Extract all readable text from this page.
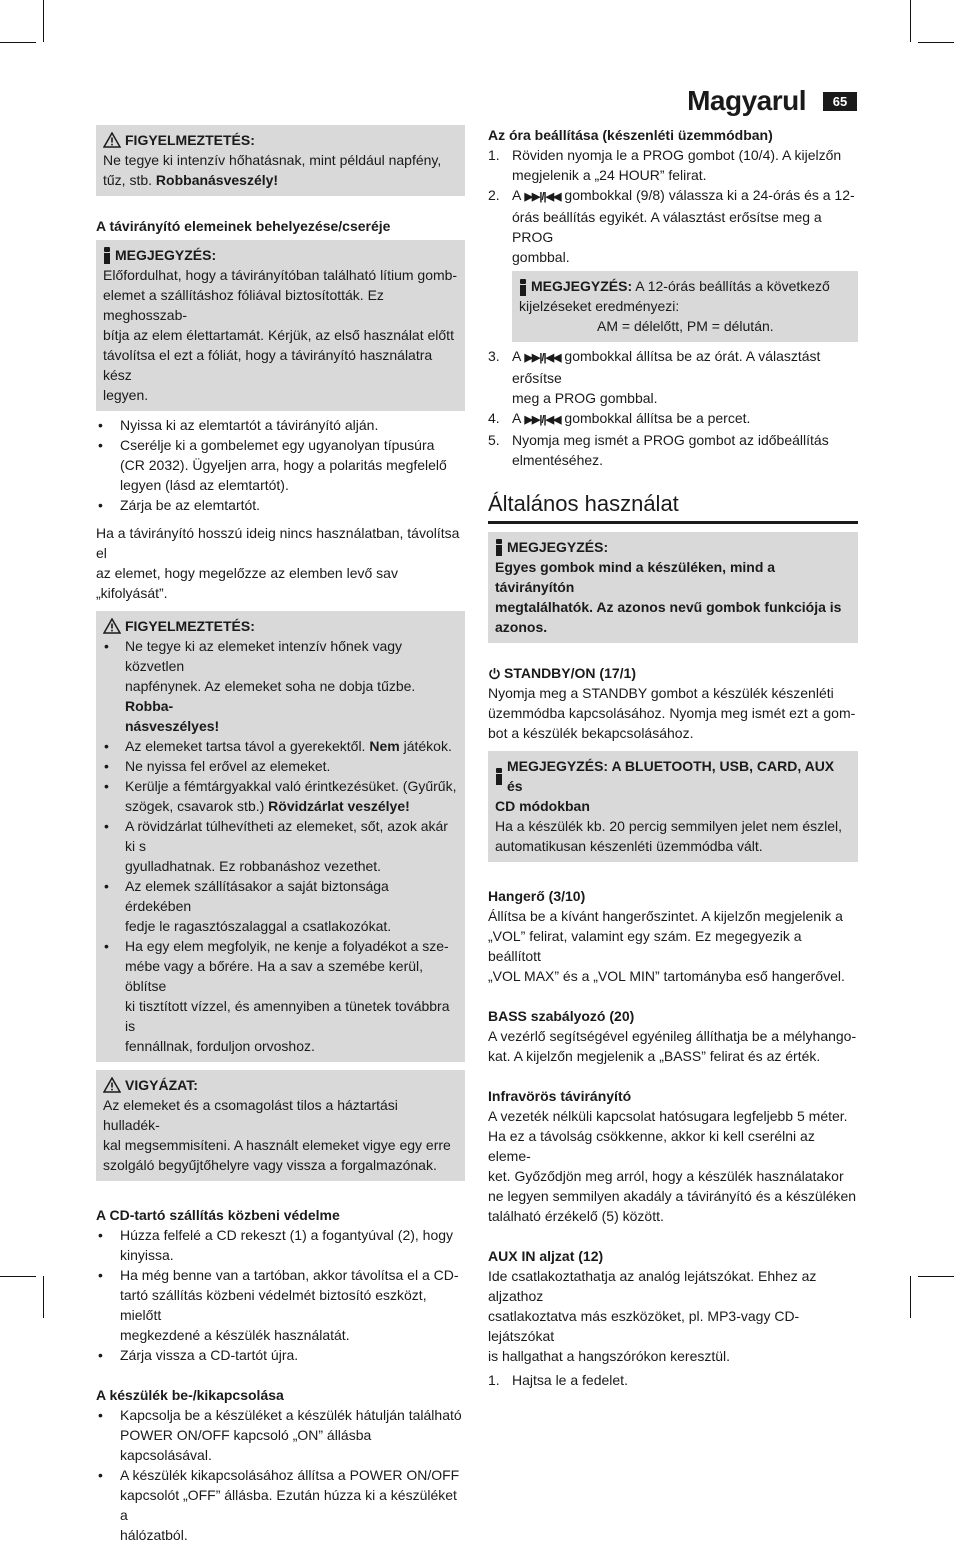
Magyarul	65
FIGYELMEZTETÉS:

Ne tegye ki intenzív hőhatásnak, mint például napfény, tűz, stb. Robbanásveszély!

A távirányító elemeinek behelyezése/cseréje
MEGJEGYZÉS:

Előfordulhat, hogy a távirányítóban található lítium gomb-

elemet a szállításhoz fóliával biztosították. Ez meghosszab-

bítja az elem élettartamát. Kérjük, az első használat előtt

távolítsa el ezt a fóliát, hogy a távirányító használatra kész

legyen.

• Nyissa ki az elemtartót a távirányító alján.
• Cserélje ki a gombelemet egy ugyanolyan típusúra
(CR 2032). Ügyeljen arra, hogy a polaritás megfelelő
legyen (lásd az elemtartót).
• Zárja be az elemtartót.

Ha a távirányító hosszú ideig nincs használatban, távolítsa el
az elemet, hogy megelőzze az elemben levő sav „kifolyását”.

FIGYELMEZTETÉS:
• Ne tegye ki az elemeket intenzív hőnek vagy közvetlen
napfénynek. Az elemeket soha ne dobja tűzbe. Robba-
násveszélyes!
• Az elemeket tartsa távol a gyerekektől. Nem játékok.
• Ne nyissa fel erővel az elemeket.
• Kerülje a fémtárgyakkal való érintkezésüket. (Gyűrűk,
szögek, csavarok stb.) Rövidzárlat veszélye!
• A rövidzárlat túlhevítheti az elemeket, sőt, azok akár ki s
gyulladhatnak. Ez robbanáshoz vezethet.
• Az elemek szállításakor a saját biztonsága érdekében
fedje le ragasztószalaggal a csatlakozókat.
• Ha egy elem megfolyik, ne kenje a folyadékot a sze-
mébe vagy a bőrére. Ha a sav a szemébe kerül, öblítse
ki tisztított vízzel, és amennyiben a tünetek továbbra is
fennállnak, forduljon orvoshoz.
VIGYÁZAT:

Az elemeket és a csomagolást tilos a háztartási hulladék-

kal megsemmisíteni. A használt elemeket vigye egy erre

szolgáló begyűjtőhelyre vagy vissza a forgalmazónak.

A CD-tartó szállítás közbeni védelme
• Húzza felfelé a CD rekeszt (1) a fogantyúval (2), hogy
kinyissa.
• Ha még benne van a tartóban, akkor távolítsa el a CD-
tartó szállítás közbeni védelmét biztosító eszközt, mielőtt
megkezdené a készülék használatát.
• Zárja vissza a CD-tartót újra.
A készülék be-/kikapcsolása
• Kapcsolja be a készüléket a készülék hátulján található
POWER ON/OFF kapcsoló „ON” állásba kapcsolásával.
• A készülék kikapcsolásához állítsa a POWER ON/OFF
kapcsolót „OFF” állásba. Ezután húzza ki a készüléket a
hálózatból.
Az óra beállítása (készenléti üzemmódban)
1. Röviden nyomja le a PROG gombot (10/4). A kijelzőn
megjelenik a „24 HOUR” felirat.
2. A ▶▶|/|◀◀ gombokkal (9/8) válassza ki a 24-órás és a 12-
órás beállítás egyikét. A választást erősítse meg a PROG
gombbal.

MEGJEGYZÉS: A 12-órás beállítás a következő

kijelzéseket eredményezi:

AM = délelőtt, PM = délután.

3. A ▶▶|/|◀◀ gombokkal állítsa be az órát. A választást erősítse
meg a PROG gombbal.
4. A ▶▶|/|◀◀ gombokkal állítsa be a percet.
5. Nyomja meg ismét a PROG gombot az időbeállítás
elmentéséhez.
Általános használat
MEGJEGYZÉS:

Egyes gombok mind a készüléken, mind a távirányítón

megtalálhatók. Az azonos nevű gombok funkciója is

azonos.

STANDBY/ON (17/1)

Nyomja meg a STANDBY gombot a készülék készenléti
üzemmódba kapcsolásához. Nyomja meg ismét ezt a gom-
bot a készülék bekapcsolásához.

MEGJEGYZÉS: A BLUETOOTH, USB, CARD, AUX és

CD módokban

Ha a készülék kb. 20 percig semmilyen jelet nem észlel,

automatikusan készenléti üzemmódba vált.

Hangerő (3/10)

Állítsa be a kívánt hangerőszintet. A kijelzőn megjelenik a
„VOL” felirat, valamint egy szám. Ez megegyezik a beállított
„VOL MAX” és a „VOL MIN” tartományba eső hangerővel.

BASS szabályozó (20)

A vezérlő segítségével egyénileg állíthatja be a mélyhango-
kat. A kijelzőn megjelenik a „BASS” felirat és az érték.

Infravörös távirányító

A vezeték nélküli kapcsolat hatósugara legfeljebb 5 méter.
Ha ez a távolság csökkenne, akkor ki kell cserélni az eleme-
ket. Győződjön meg arról, hogy a készülék használatakor
ne legyen semmilyen akadály a távirányító és a készüléken
található érzékelő (5) között.

AUX IN aljzat (12)

Ide csatlakoztathatja az analóg lejátszókat. Ehhez az aljzathoz
csatlakoztatva más eszközöket, pl. MP3-vagy CD-lejátszókat
is hallgathat a hangszórókon keresztül.

1. Hajtsa le a fedelet.
